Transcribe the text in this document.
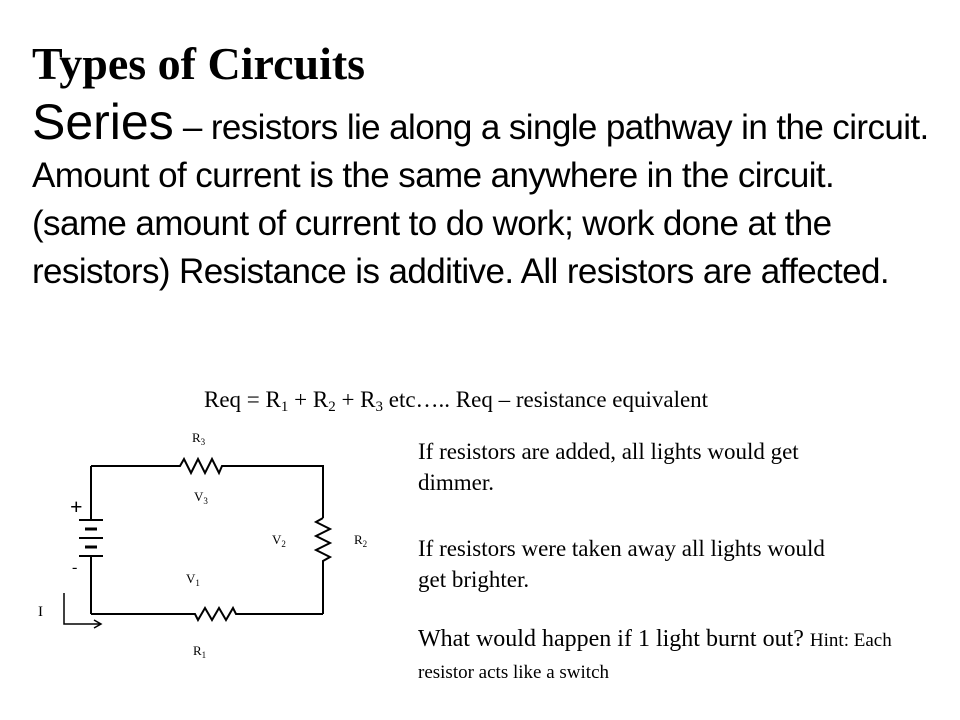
Types of Circuits

Series – resistors lie along a single pathway in the circuit. Amount of current is the same anywhere in the circuit. (same amount of current to do work; work done at the resistors) Resistance is additive. All resistors are affected.

Req = $R_1 + R_2 + R_3$ etc….. Req – resistance equivalent

If resistors are added, all lights would get dimmer.

If resistors were taken away all lights would get brighter.

What would happen if 1 light burnt out? Hint: Each resistor acts like a switch

+
-
I
$R_3$
$V_3$
$V_2$	$R_2$
$V_1$
$R_1$
